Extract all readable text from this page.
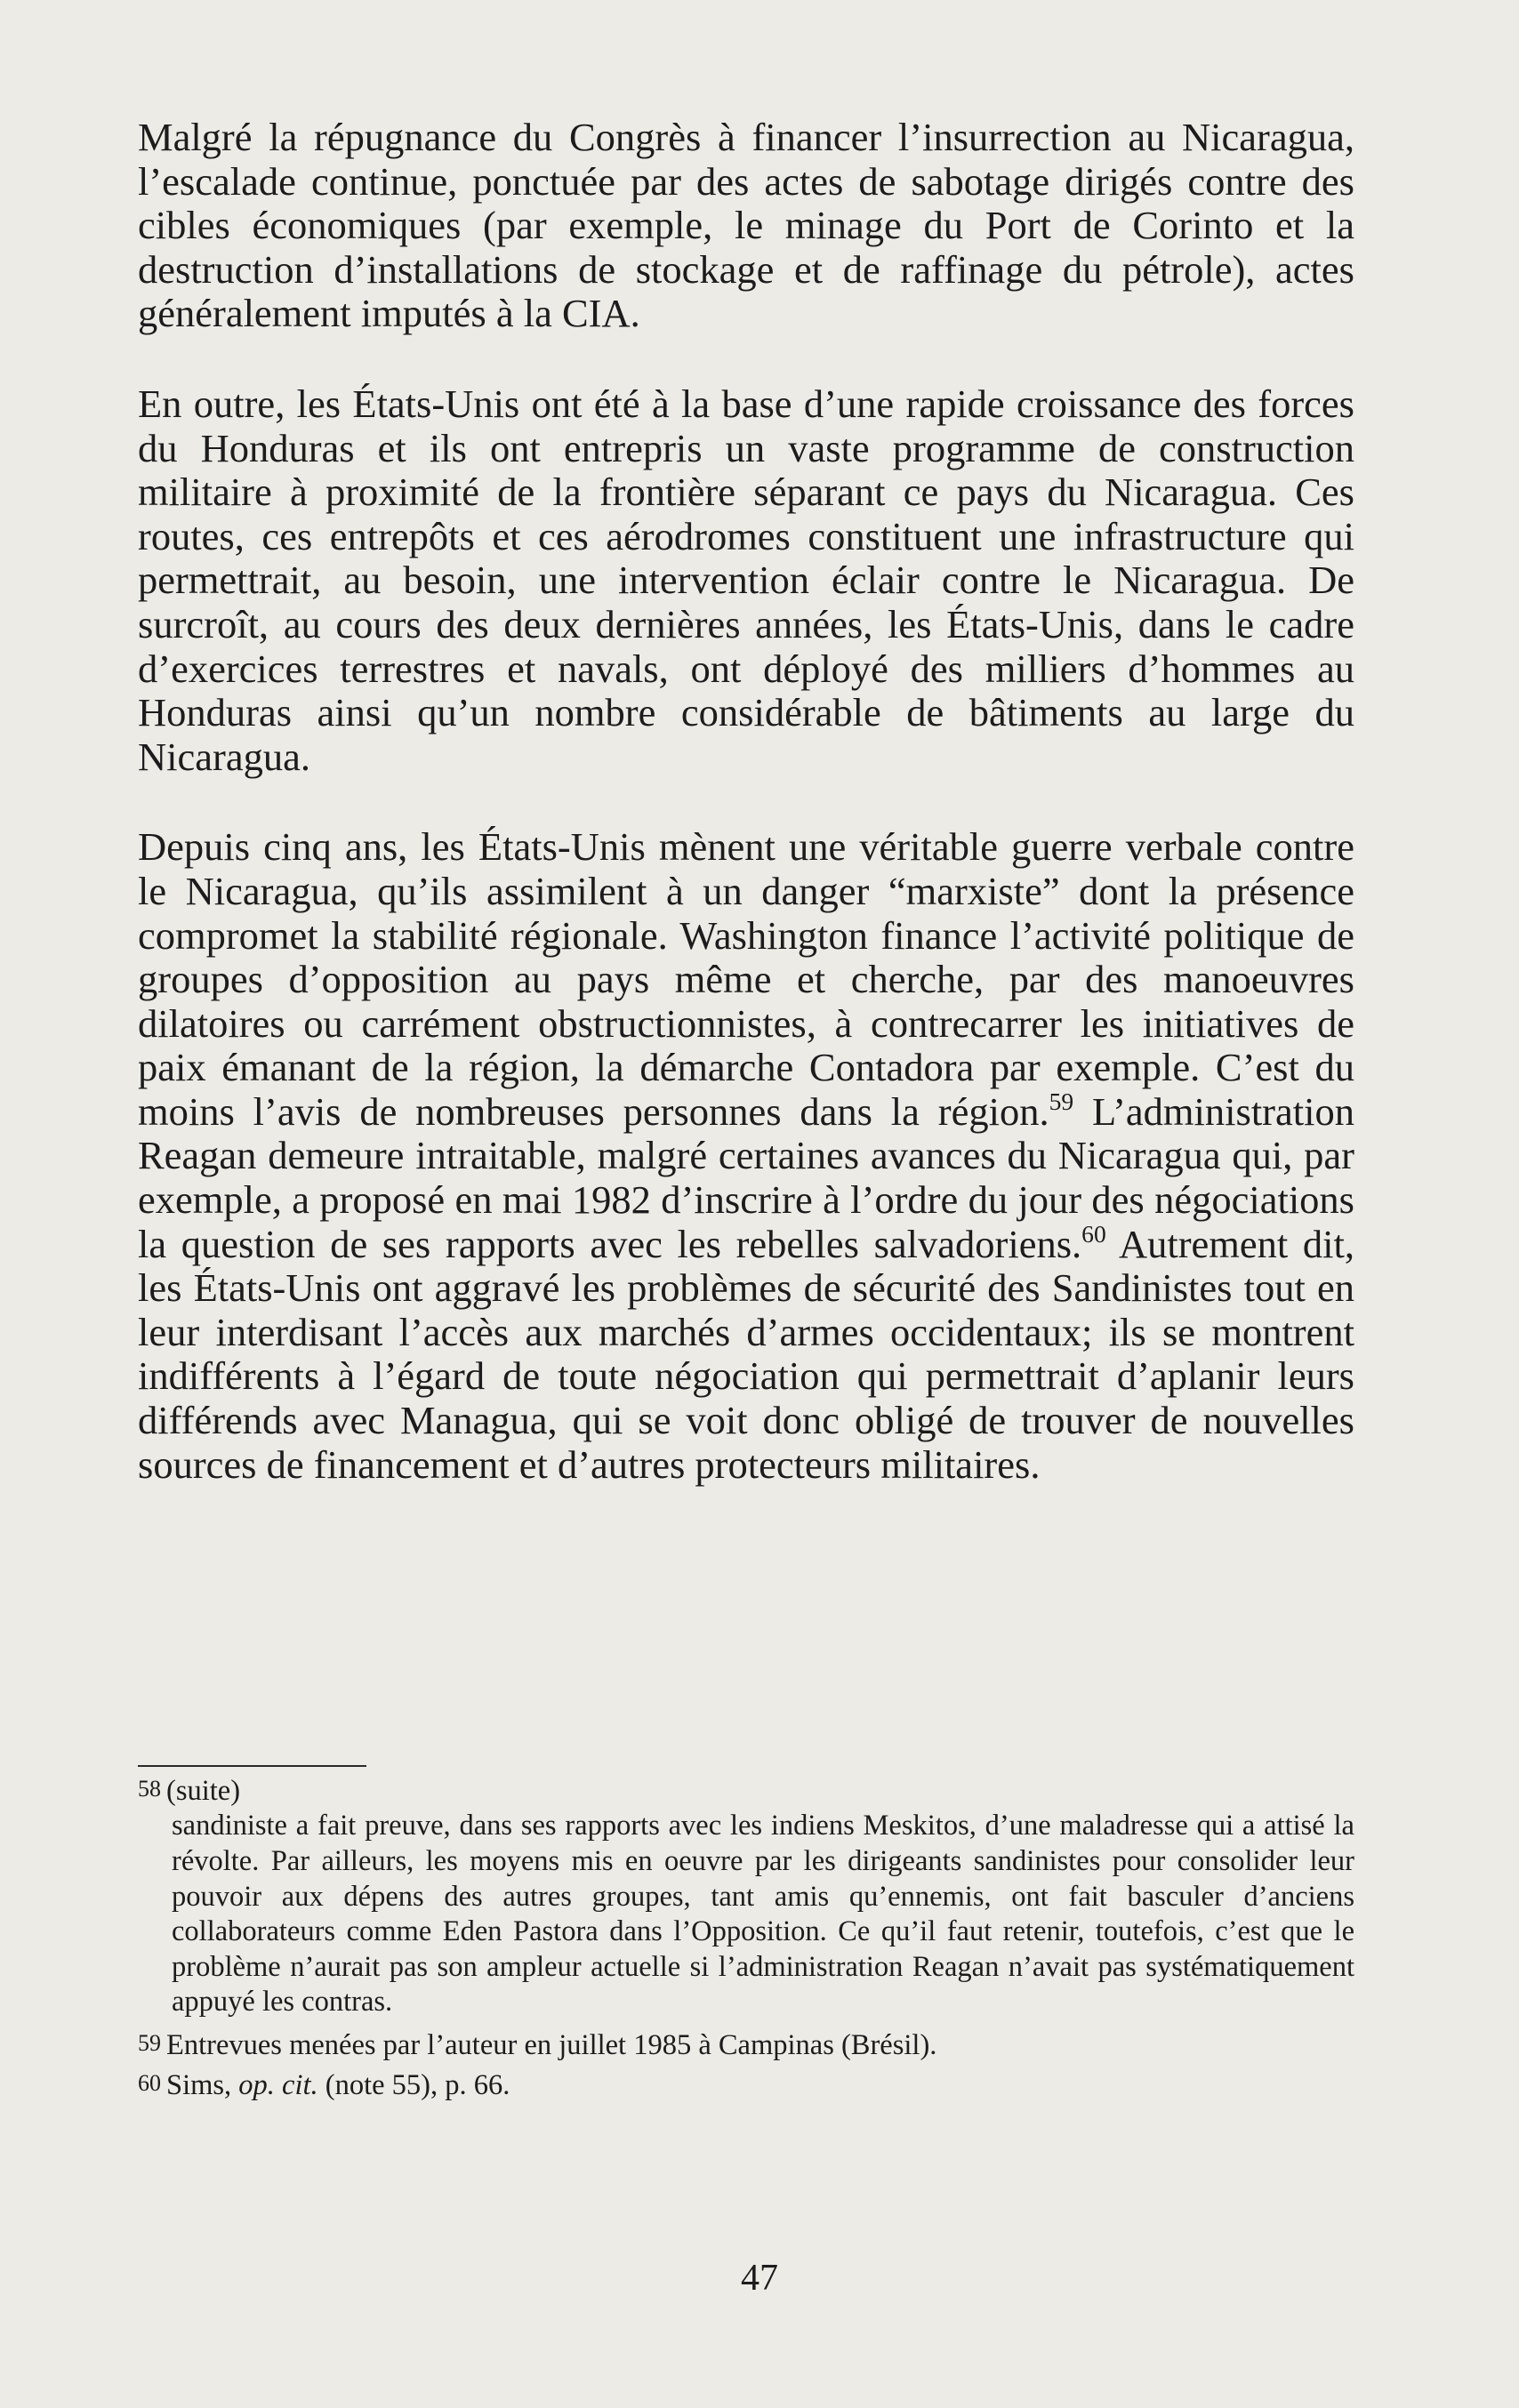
Malgré la répugnance du Congrès à financer l’insurrection au Nicaragua, l’escalade continue, ponctuée par des actes de sabotage dirigés contre des cibles économiques (par exemple, le minage du Port de Corinto et la destruction d’installations de stockage et de raffinage du pétrole), actes généralement imputés à la CIA.

En outre, les États-Unis ont été à la base d’une rapide croissance des forces du Honduras et ils ont entrepris un vaste programme de construction militaire à proximité de la frontière séparant ce pays du Nicaragua. Ces routes, ces entrepôts et ces aérodromes constituent une infrastructure qui permettrait, au besoin, une intervention éclair contre le Nicaragua. De surcroît, au cours des deux dernières années, les États-Unis, dans le cadre d’exercices terrestres et navals, ont déployé des milliers d’hommes au Honduras ainsi qu’un nombre considérable de bâtiments au large du Nicaragua.

Depuis cinq ans, les États-Unis mènent une véritable guerre verbale contre le Nicaragua, qu’ils assimilent à un danger “marxiste” dont la présence compromet la stabilité régionale. Washington finance l’activité politique de groupes d’opposition au pays même et cherche, par des manoeuvres dilatoires ou carrément obstructionnistes, à contrecarrer les initiatives de paix émanant de la région, la démarche Contadora par exemple. C’est du moins l’avis de nombreuses personnes dans la région.$^{59}$ L’administration Reagan demeure intraitable, malgré certaines avances du Nicaragua qui, par exemple, a proposé en mai 1982 d’inscrire à l’ordre du jour des négociations la question de ses rapports avec les rebelles salvadoriens.$^{60}$ Autrement dit, les États-Unis ont aggravé les problèmes de sécurité des Sandinistes tout en leur interdisant l’accès aux marchés d’armes occidentaux; ils se montrent indifférents à l’égard de toute négociation qui permettrait d’aplanir leurs différends avec Managua, qui se voit donc obligé de trouver de nouvelles sources de financement et d’autres protecteurs militaires.

58 (suite)

sandiniste a fait preuve, dans ses rapports avec les indiens Meskitos, d’une maladresse qui a attisé la révolte. Par ailleurs, les moyens mis en oeuvre par les dirigeants sandinistes pour consolider leur pouvoir aux dépens des autres groupes, tant amis qu’ennemis, ont fait basculer d’anciens collaborateurs comme Eden Pastora dans l’Opposition. Ce qu’il faut retenir, toutefois, c’est que le problème n’aurait pas son ampleur actuelle si l’administration Reagan n’avait pas systématiquement appuyé les contras.

59 Entrevues menées par l’auteur en juillet 1985 à Campinas (Brésil).

60 Sims, op. cit. (note 55), p. 66.

47
